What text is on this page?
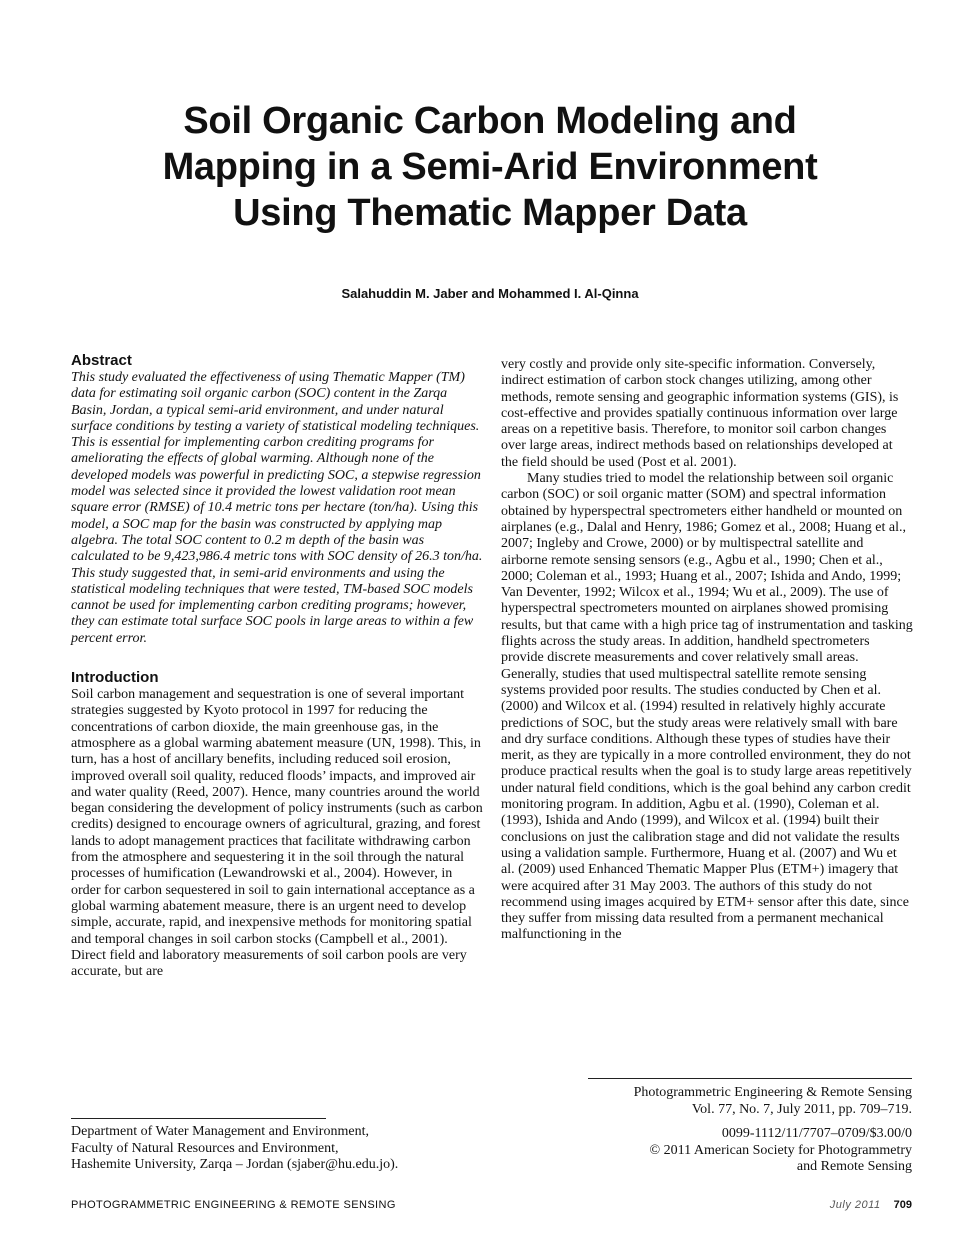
Soil Organic Carbon Modeling and
Mapping in a Semi-Arid Environment
Using Thematic Mapper Data
Salahuddin M. Jaber and Mohammed I. Al-Qinna
Abstract

This study evaluated the effectiveness of using Thematic Mapper (TM) data for estimating soil organic carbon (SOC) content in the Zarqa Basin, Jordan, a typical semi-arid environment, and under natural surface conditions by testing a variety of statistical modeling techniques. This is essential for implementing carbon crediting programs for ameliorating the effects of global warming. Although none of the developed models was powerful in predicting SOC, a stepwise regression model was selected since it provided the lowest validation root mean square error (RMSE) of 10.4 metric tons per hectare (ton/ha). Using this model, a SOC map for the basin was constructed by applying map algebra. The total SOC content to 0.2 m depth of the basin was calculated to be 9,423,986.4 metric tons with SOC density of 26.3 ton/ha. This study suggested that, in semi-arid environments and using the statistical modeling techniques that were tested, TM-based SOC models cannot be used for implementing carbon crediting programs; however, they can estimate total surface SOC pools in large areas to within a few percent error.

Introduction

Soil carbon management and sequestration is one of several important strategies suggested by Kyoto protocol in 1997 for reducing the concentrations of carbon dioxide, the main greenhouse gas, in the atmosphere as a global warming abatement measure (UN, 1998). This, in turn, has a host of ancillary benefits, including reduced soil erosion, improved overall soil quality, reduced floods’ impacts, and improved air and water quality (Reed, 2007). Hence, many countries around the world began considering the development of policy instruments (such as carbon credits) designed to encourage owners of agricultural, grazing, and forest lands to adopt management practices that facilitate withdrawing carbon from the atmosphere and sequestering it in the soil through the natural processes of humification (Lewandrowski et al., 2004). However, in order for carbon sequestered in soil to gain international acceptance as a global warming abatement measure, there is an urgent need to develop simple, accurate, rapid, and inexpensive methods for monitoring spatial and temporal changes in soil carbon stocks (Campbell et al., 2001). Direct field and laboratory measurements of soil carbon pools are very accurate, but are

very costly and provide only site-specific information. Conversely, indirect estimation of carbon stock changes utilizing, among other methods, remote sensing and geographic information systems (GIS), is cost-effective and provides spatially continuous information over large areas on a repetitive basis. Therefore, to monitor soil carbon changes over large areas, indirect methods based on relationships developed at the field should be used (Post et al. 2001).

Many studies tried to model the relationship between soil organic carbon (SOC) or soil organic matter (SOM) and spectral information obtained by hyperspectral spectrometers either handheld or mounted on airplanes (e.g., Dalal and Henry, 1986; Gomez et al., 2008; Huang et al., 2007; Ingleby and Crowe, 2000) or by multispectral satellite and airborne remote sensing sensors (e.g., Agbu et al., 1990; Chen et al., 2000; Coleman et al., 1993; Huang et al., 2007; Ishida and Ando, 1999; Van Deventer, 1992; Wilcox et al., 1994; Wu et al., 2009). The use of hyperspectral spectrometers mounted on airplanes showed promising results, but that came with a high price tag of instrumentation and tasking flights across the study areas. In addition, handheld spectrometers provide discrete measurements and cover relatively small areas. Generally, studies that used multispectral satellite remote sensing systems provided poor results. The studies conducted by Chen et al. (2000) and Wilcox et al. (1994) resulted in relatively highly accurate predictions of SOC, but the study areas were relatively small with bare and dry surface conditions. Although these types of studies have their merit, as they are typically in a more controlled environment, they do not produce practical results when the goal is to study large areas repetitively under natural field conditions, which is the goal behind any carbon credit monitoring program. In addition, Agbu et al. (1990), Coleman et al. (1993), Ishida and Ando (1999), and Wilcox et al. (1994) built their conclusions on just the calibration stage and did not validate the results using a validation sample. Furthermore, Huang et al. (2007) and Wu et al. (2009) used Enhanced Thematic Mapper Plus (ETM+) imagery that were acquired after 31 May 2003. The authors of this study do not recommend using images acquired by ETM+ sensor after this date, since they suffer from missing data resulted from a permanent mechanical malfunctioning in the

Photogrammetric Engineering & Remote Sensing
Vol. 77, No. 7, July 2011, pp. 709–719.
0099-1112/11/7707–0709/$3.00/0
© 2011 American Society for Photogrammetry
and Remote Sensing
Department of Water Management and Environment,
Faculty of Natural Resources and Environment,
Hashemite University, Zarqa – Jordan (sjaber@hu.edu.jo).
PHOTOGRAMMETRIC ENGINEERING & REMOTE SENSING	July 2011 709
